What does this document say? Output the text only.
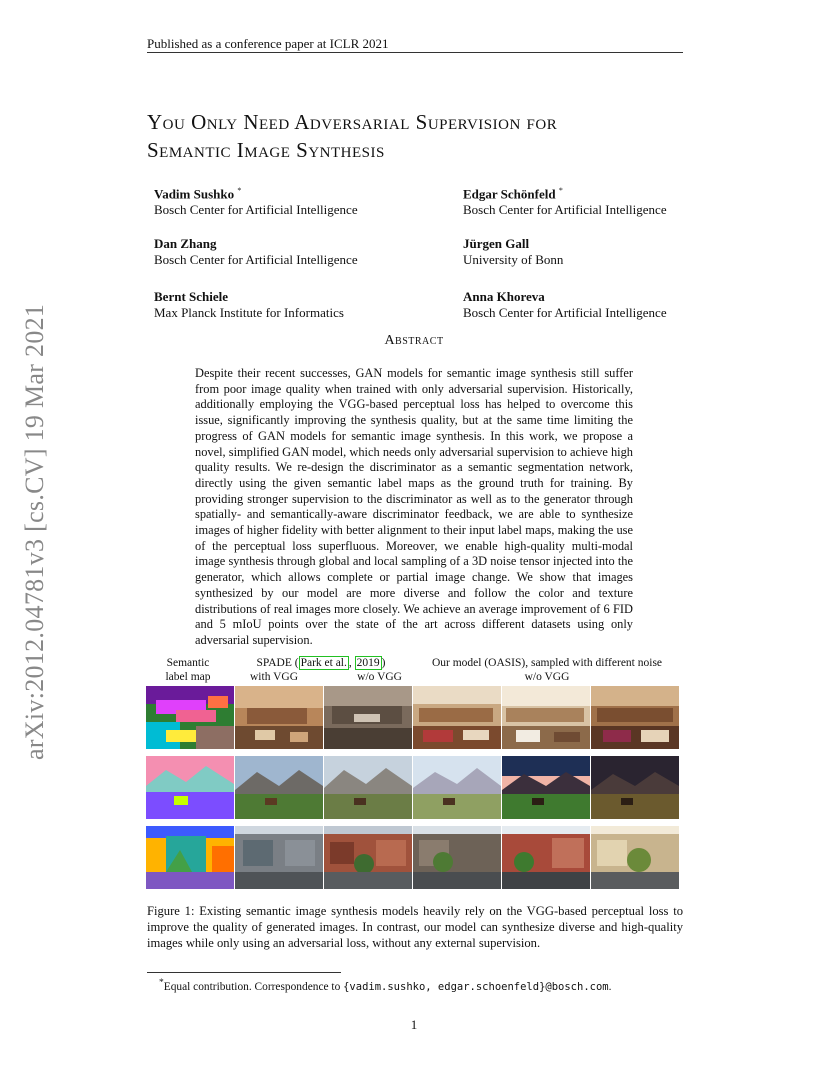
Published as a conference paper at ICLR 2021
You Only Need Adversarial Supervision for
Semantic Image Synthesis
Vadim Sushko *
Bosch Center for Artificial Intelligence
Edgar Schönfeld *
Bosch Center for Artificial Intelligence
Dan Zhang
Bosch Center for Artificial Intelligence
Jürgen Gall
University of Bonn
Bernt Schiele
Max Planck Institute for Informatics
Anna Khoreva
Bosch Center for Artificial Intelligence
Abstract
Despite their recent successes, GAN models for semantic image synthesis still suffer from poor image quality when trained with only adversarial supervision. Historically, additionally employing the VGG-based perceptual loss has helped to overcome this issue, significantly improving the synthesis quality, but at the same time limiting the progress of GAN models for semantic image synthesis. In this work, we propose a novel, simplified GAN model, which needs only adversarial supervision to achieve high quality results. We re-design the discriminator as a semantic segmentation network, directly using the given semantic label maps as the ground truth for training. By providing stronger supervision to the discriminator as well as to the generator through spatially- and semantically-aware discriminator feedback, we are able to synthesize images of higher fidelity with better alignment to their input label maps, making the use of the perceptual loss superfluous. Moreover, we enable high-quality multi-modal image synthesis through global and local sampling of a 3D noise tensor injected into the generator, which allows complete or partial image change. We show that images synthesized by our model are more diverse and follow the color and texture distributions of real images more closely. We achieve an average improvement of 6 FID and 5 mIoU points over the state of the art across different datasets using only adversarial supervision.
Semantic
label map
SPADE ( Park et al. , 2019 )
with VGG	w/o VGG
Our model (OASIS), sampled with different noise
w/o VGG
Figure 1: Existing semantic image synthesis models heavily rely on the VGG-based perceptual loss to improve the quality of generated images. In contrast, our model can synthesize diverse and high-quality images while only using an adversarial loss, without any external supervision.
*Equal contribution. Correspondence to {vadim.sushko, edgar.schoenfeld}@bosch.com.
1
arXiv:2012.04781v3 [cs.CV] 19 Mar 2021
